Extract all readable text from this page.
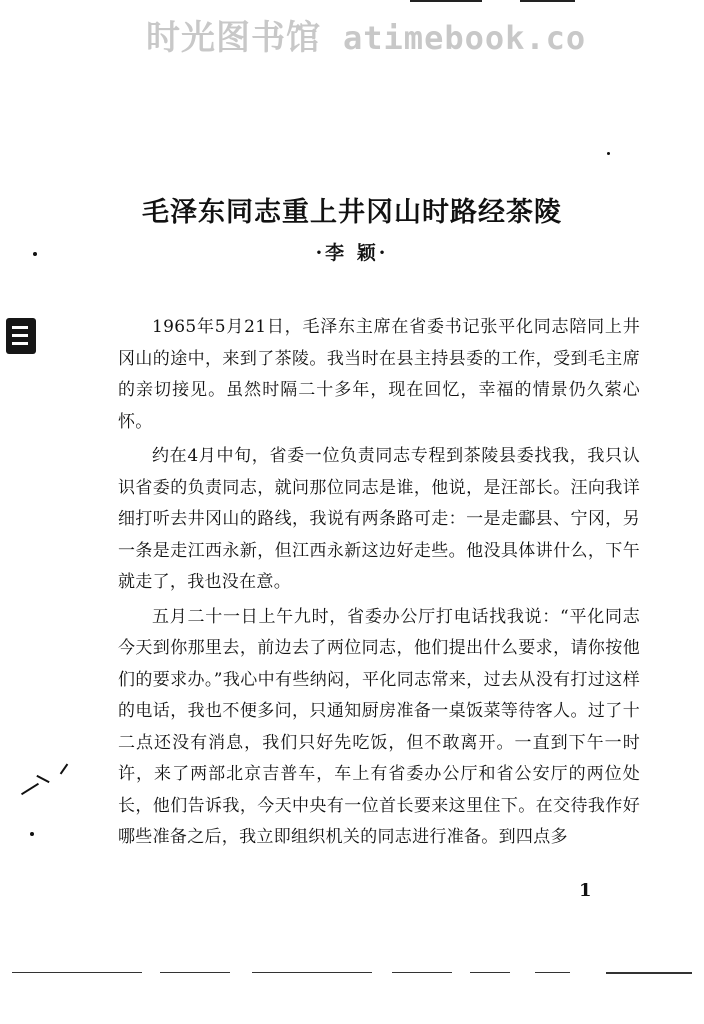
时光图书馆 atimebook.co
毛泽东同志重上井冈山时路经茶陵
·李 颖·

1965年5月21日，毛泽东主席在省委书记张平化同志陪同上井冈山的途中，来到了茶陵。我当时在县主持县委的工作，受到毛主席的亲切接见。虽然时隔二十多年，现在回忆，幸福的情景仍久萦心怀。

约在4月中旬，省委一位负责同志专程到茶陵县委找我，我只认识省委的负责同志，就问那位同志是谁，他说，是汪部长。汪向我详细打听去井冈山的路线，我说有两条路可走：一是走酃县、宁冈，另一条是走江西永新，但江西永新这边好走些。他没具体讲什么，下午就走了，我也没在意。

五月二十一日上午九时，省委办公厅打电话找我说：“平化同志今天到你那里去，前边去了两位同志，他们提出什么要求，请你按他们的要求办。”我心中有些纳闷，平化同志常来，过去从没有打过这样的电话，我也不便多问，只通知厨房准备一桌饭菜等待客人。过了十二点还没有消息，我们只好先吃饭，但不敢离开。一直到下午一时许，来了两部北京吉普车，车上有省委办公厅和省公安厅的两位处长，他们告诉我，今天中央有一位首长要来这里住下。在交待我作好哪些准备之后，我立即组织机关的同志进行准备。到四点多

1
